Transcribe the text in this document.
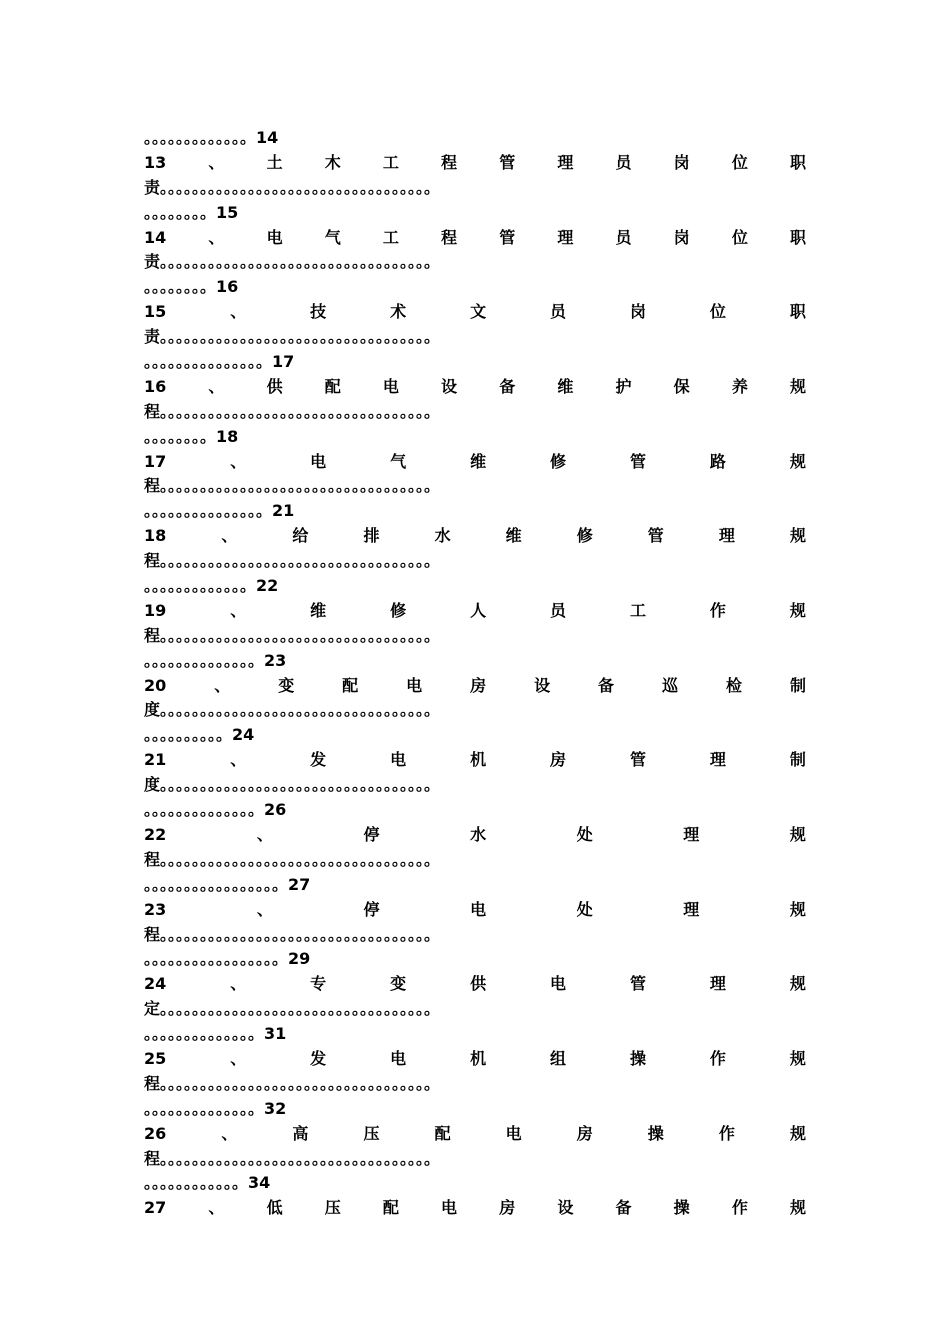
。。。。。。。。。。。。。14
13	、	土	木	工	程	管	理	员	岗	位	职
责。。。。。。。。。。。。。。。。。。。。。。。。。。。。。。。。。。
。。。。。。。。15
14	、	电	气	工	程	管	理	员	岗	位	职
责。。。。。。。。。。。。。。。。。。。。。。。。。。。。。。。。。。
。。。。。。。。16
15	、	技	术	文	员	岗	位	职
责。。。。。。。。。。。。。。。。。。。。。。。。。。。。。。。。。。
。。。。。。。。。。。。。。。17
16	、	供	配	电	设	备	维	护	保	养	规
程。。。。。。。。。。。。。。。。。。。。。。。。。。。。。。。。。。
。。。。。。。。18
17	、	电	气	维	修	管	路	规
程。。。。。。。。。。。。。。。。。。。。。。。。。。。。。。。。。。
。。。。。。。。。。。。。。。21
18	、	给	排	水	维	修	管	理	规
程。。。。。。。。。。。。。。。。。。。。。。。。。。。。。。。。。。
。。。。。。。。。。。。。22
19	、	维	修	人	员	工	作	规
程。。。。。。。。。。。。。。。。。。。。。。。。。。。。。。。。。。
。。。。。。。。。。。。。。23
20	、	变	配	电	房	设	备	巡	检	制
度。。。。。。。。。。。。。。。。。。。。。。。。。。。。。。。。。。
。。。。。。。。。。24
21	、	发	电	机	房	管	理	制
度。。。。。。。。。。。。。。。。。。。。。。。。。。。。。。。。。。
。。。。。。。。。。。。。。26
22	、	停	水	处	理	规
程。。。。。。。。。。。。。。。。。。。。。。。。。。。。。。。。。。
。。。。。。。。。。。。。。。。。27
23	、	停	电	处	理	规
程。。。。。。。。。。。。。。。。。。。。。。。。。。。。。。。。。。
。。。。。。。。。。。。。。。。。29
24	、	专	变	供	电	管	理	规
定。。。。。。。。。。。。。。。。。。。。。。。。。。。。。。。。。。
。。。。。。。。。。。。。。31
25	、	发	电	机	组	操	作	规
程。。。。。。。。。。。。。。。。。。。。。。。。。。。。。。。。。。
。。。。。。。。。。。。。。32
26	、	高	压	配	电	房	操	作	规
程。。。。。。。。。。。。。。。。。。。。。。。。。。。。。。。。。。
。。。。。。。。。。。。34
27	、	低	压	配	电	房	设	备	操	作	规
